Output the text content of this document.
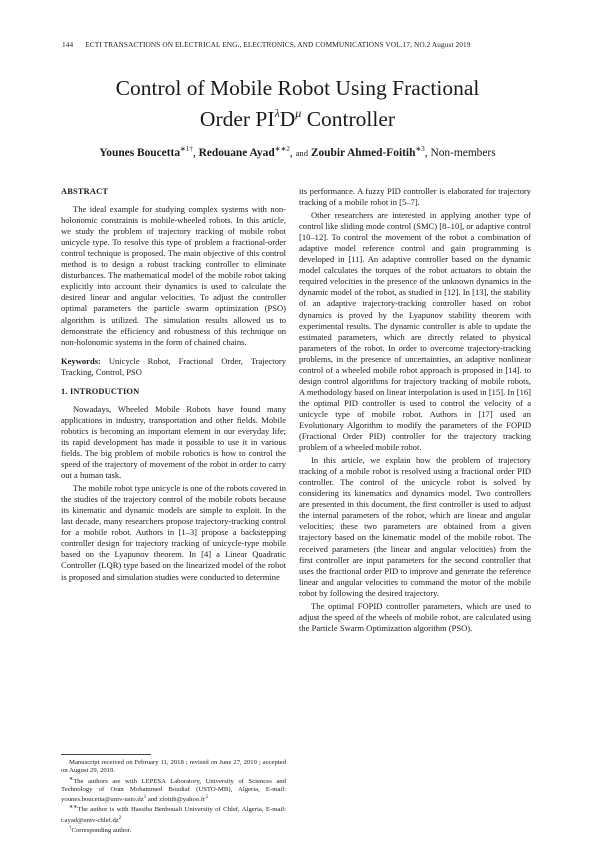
144 ECTI TRANSACTIONS ON ELECTRICAL ENG., ELECTRONICS, AND COMMUNICATIONS VOL.17, NO.2 August 2019
Control of Mobile Robot Using Fractional
Order $PI^\lambda D^\mu$ Controller
Younes Boucetta$^{∗1\dagger}$, Redouane Ayad$^{∗∗2}$, and Zoubir Ahmed-Foitih$^{∗3}$, Non-members
ABSTRACT

The ideal example for studying complex systems with non-holonomic constraints is mobile-wheeled robots. In this article, we study the problem of trajectory tracking of mobile robot unicycle type. To resolve this type of problem a fractional-order control technique is proposed. The main objective of this control method is to design a robust tracking controller to eliminate disturbances. The mathematical model of the mobile robot taking explicitly into account their dynamics is used to calculate the desired linear and angular velocities. To adjust the controller optimal parameters the particle swarm optimization (PSO) algorithm is utilized. The simulation results allowed us to demonstrate the efficiency and robustness of this technique on non-holonomic systems in the form of chained chains.

Keywords: Unicycle Robot, Fractional Order, Trajectory Tracking, Control, PSO

1. INTRODUCTION

Nowadays, Wheeled Mobile Robots have found many applications in industry, transportation and other fields. Mobile robotics is becoming an important element in our everyday life; its rapid development has made it possible to use it in various fields. The big problem of mobile robotics is how to control the speed of the trajectory of movement of the robot in order to carry out a human task.

The mobile robot type unicycle is one of the robots covered in the studies of the trajectory control of the mobile robots because its kinematic and dynamic models are simple to exploit. In the last decade, many researchers propose trajectory-tracking control for a mobile robot. Authors in [1–3] propose a backstepping controller design for trajectory tracking of unicycle-type mobile based on the Lyapunov theorem. In [4] a Linear Quadratic Controller (LQR) type based on the linearized model of the robot is proposed and simulation studies were conducted to determine

its performance. A fuzzy PID controller is elaborated for trajectory tracking of a mobile robot in [5–7].

Other researchers are interested in applying another type of control like sliding mode control (SMC) [8–10], or adaptive control [10–12]. To control the movement of the robot a combination of adaptive model reference control and gain programming is developed in [11]. An adaptive controller based on the dynamic model calculates the torques of the robot actuators to obtain the required velocities in the presence of the unknown dynamics in the dynamic model of the robot, as studied in [12]. In [13], the stability of an adaptive trajectory-tracking controller based on robot dynamics is proved by the Lyapunov stability theorem with experimental results. The dynamic controller is able to update the estimated parameters, which are directly related to physical parameters of the robot. In order to overcome trajectory-tracking problems, in the presence of uncertainties, an adaptive nonlinear control of a wheeled mobile robot approach is proposed in [14]. to design control algorithms for trajectory tracking of mobile robots, A methodology based on linear interpolation is used in [15]. In [16] the optimal PID controller is used to control the velocity of a unicycle type of mobile robot. Authors in [17] used an Evolutionary Algorithm to modify the parameters of the FOPID (Fractional Order PID) controller for the trajectory tracking problem of a wheeled mobile robot.

In this article, we explain how the problem of trajectory tracking of a mobile robot is resolved using a fractional order PID controller. The control of the unicycle robot is solved by considering its kinematics and dynamics model. Two controllers are presented in this document, the first controller is used to adjust the internal parameters of the robot, which are linear and angular velocities; these two parameters are obtained from a given trajectory based on the kinematic model of the mobile robot. The received parameters (the linear and angular velocities) from the first controller are input parameters for the second controller that uses the fractional order PID to improve and generate the reference linear and angular velocities to command the motor of the mobile robot by following the desired trajectory.

The optimal FOPID controller parameters, which are used to adjust the speed of the wheels of mobile robot, are calculated using the Particle Swarm Optimization algorithm (PSO).

Manuscript received on February 11, 2018 ; revised on June 27, 2019 ; accepted on August 29, 2019.

∗The authors are with LEPESA Laboratory, University of Sciences and Technology of Oran Mohammed Boudiaf (USTO-MB), Algeria, E-mail: $younes.boucetta@univ-usto.dz^1$ and $zfoitih@yahoo.fr^3$

∗∗The author is with Hassiba Benbouali University of Chlef, Algeria, E-mail: $r.ayad@univ-chlef.dz^2$

†Corresponding author.
